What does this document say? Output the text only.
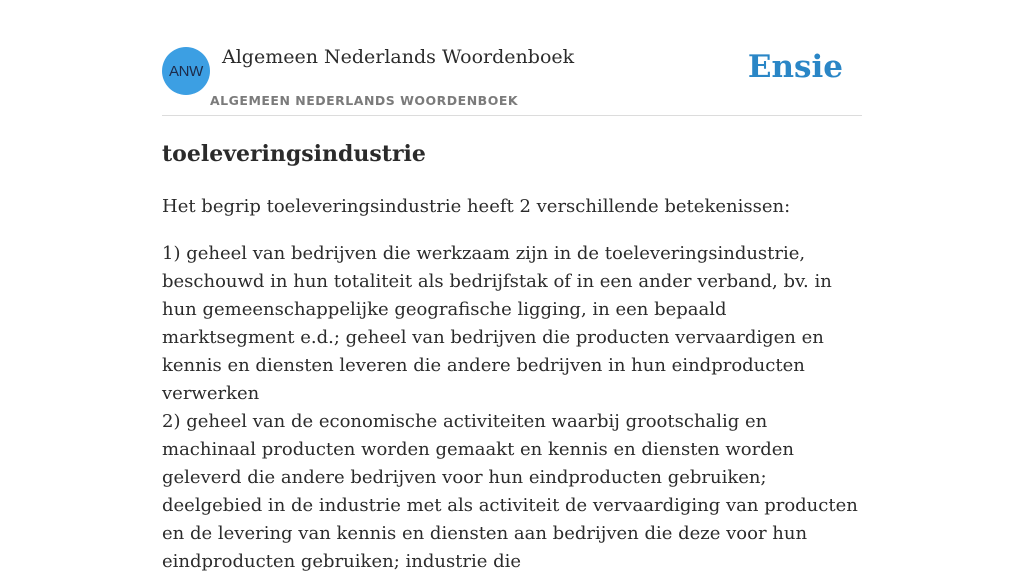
ANW
Algemeen Nederlands Woordenboek
ALGEMEEN NEDERLANDS WOORDENBOEK
Ensie
toeleveringsindustrie

Het begrip toeleveringsindustrie heeft 2 verschillende betekenissen:

1) geheel van bedrijven die werkzaam zijn in de toeleveringsindustrie, beschouwd in hun totaliteit als bedrijfstak of in een ander verband, bv. in hun gemeenschappelijke geografische ligging, in een bepaald marktsegment e.d.; geheel van bedrijven die producten vervaardigen en kennis en diensten leveren die andere bedrijven in hun eindproducten verwerken

2) geheel van de economische activiteiten waarbij grootschalig en machinaal producten worden gemaakt en kennis en diensten worden geleverd die andere bedrijven voor hun eindproducten gebruiken; deelgebied in de industrie met als activiteit de vervaardiging van producten en de levering van kennis en diensten aan bedrijven die deze voor hun eindproducten gebruiken; industrie die
